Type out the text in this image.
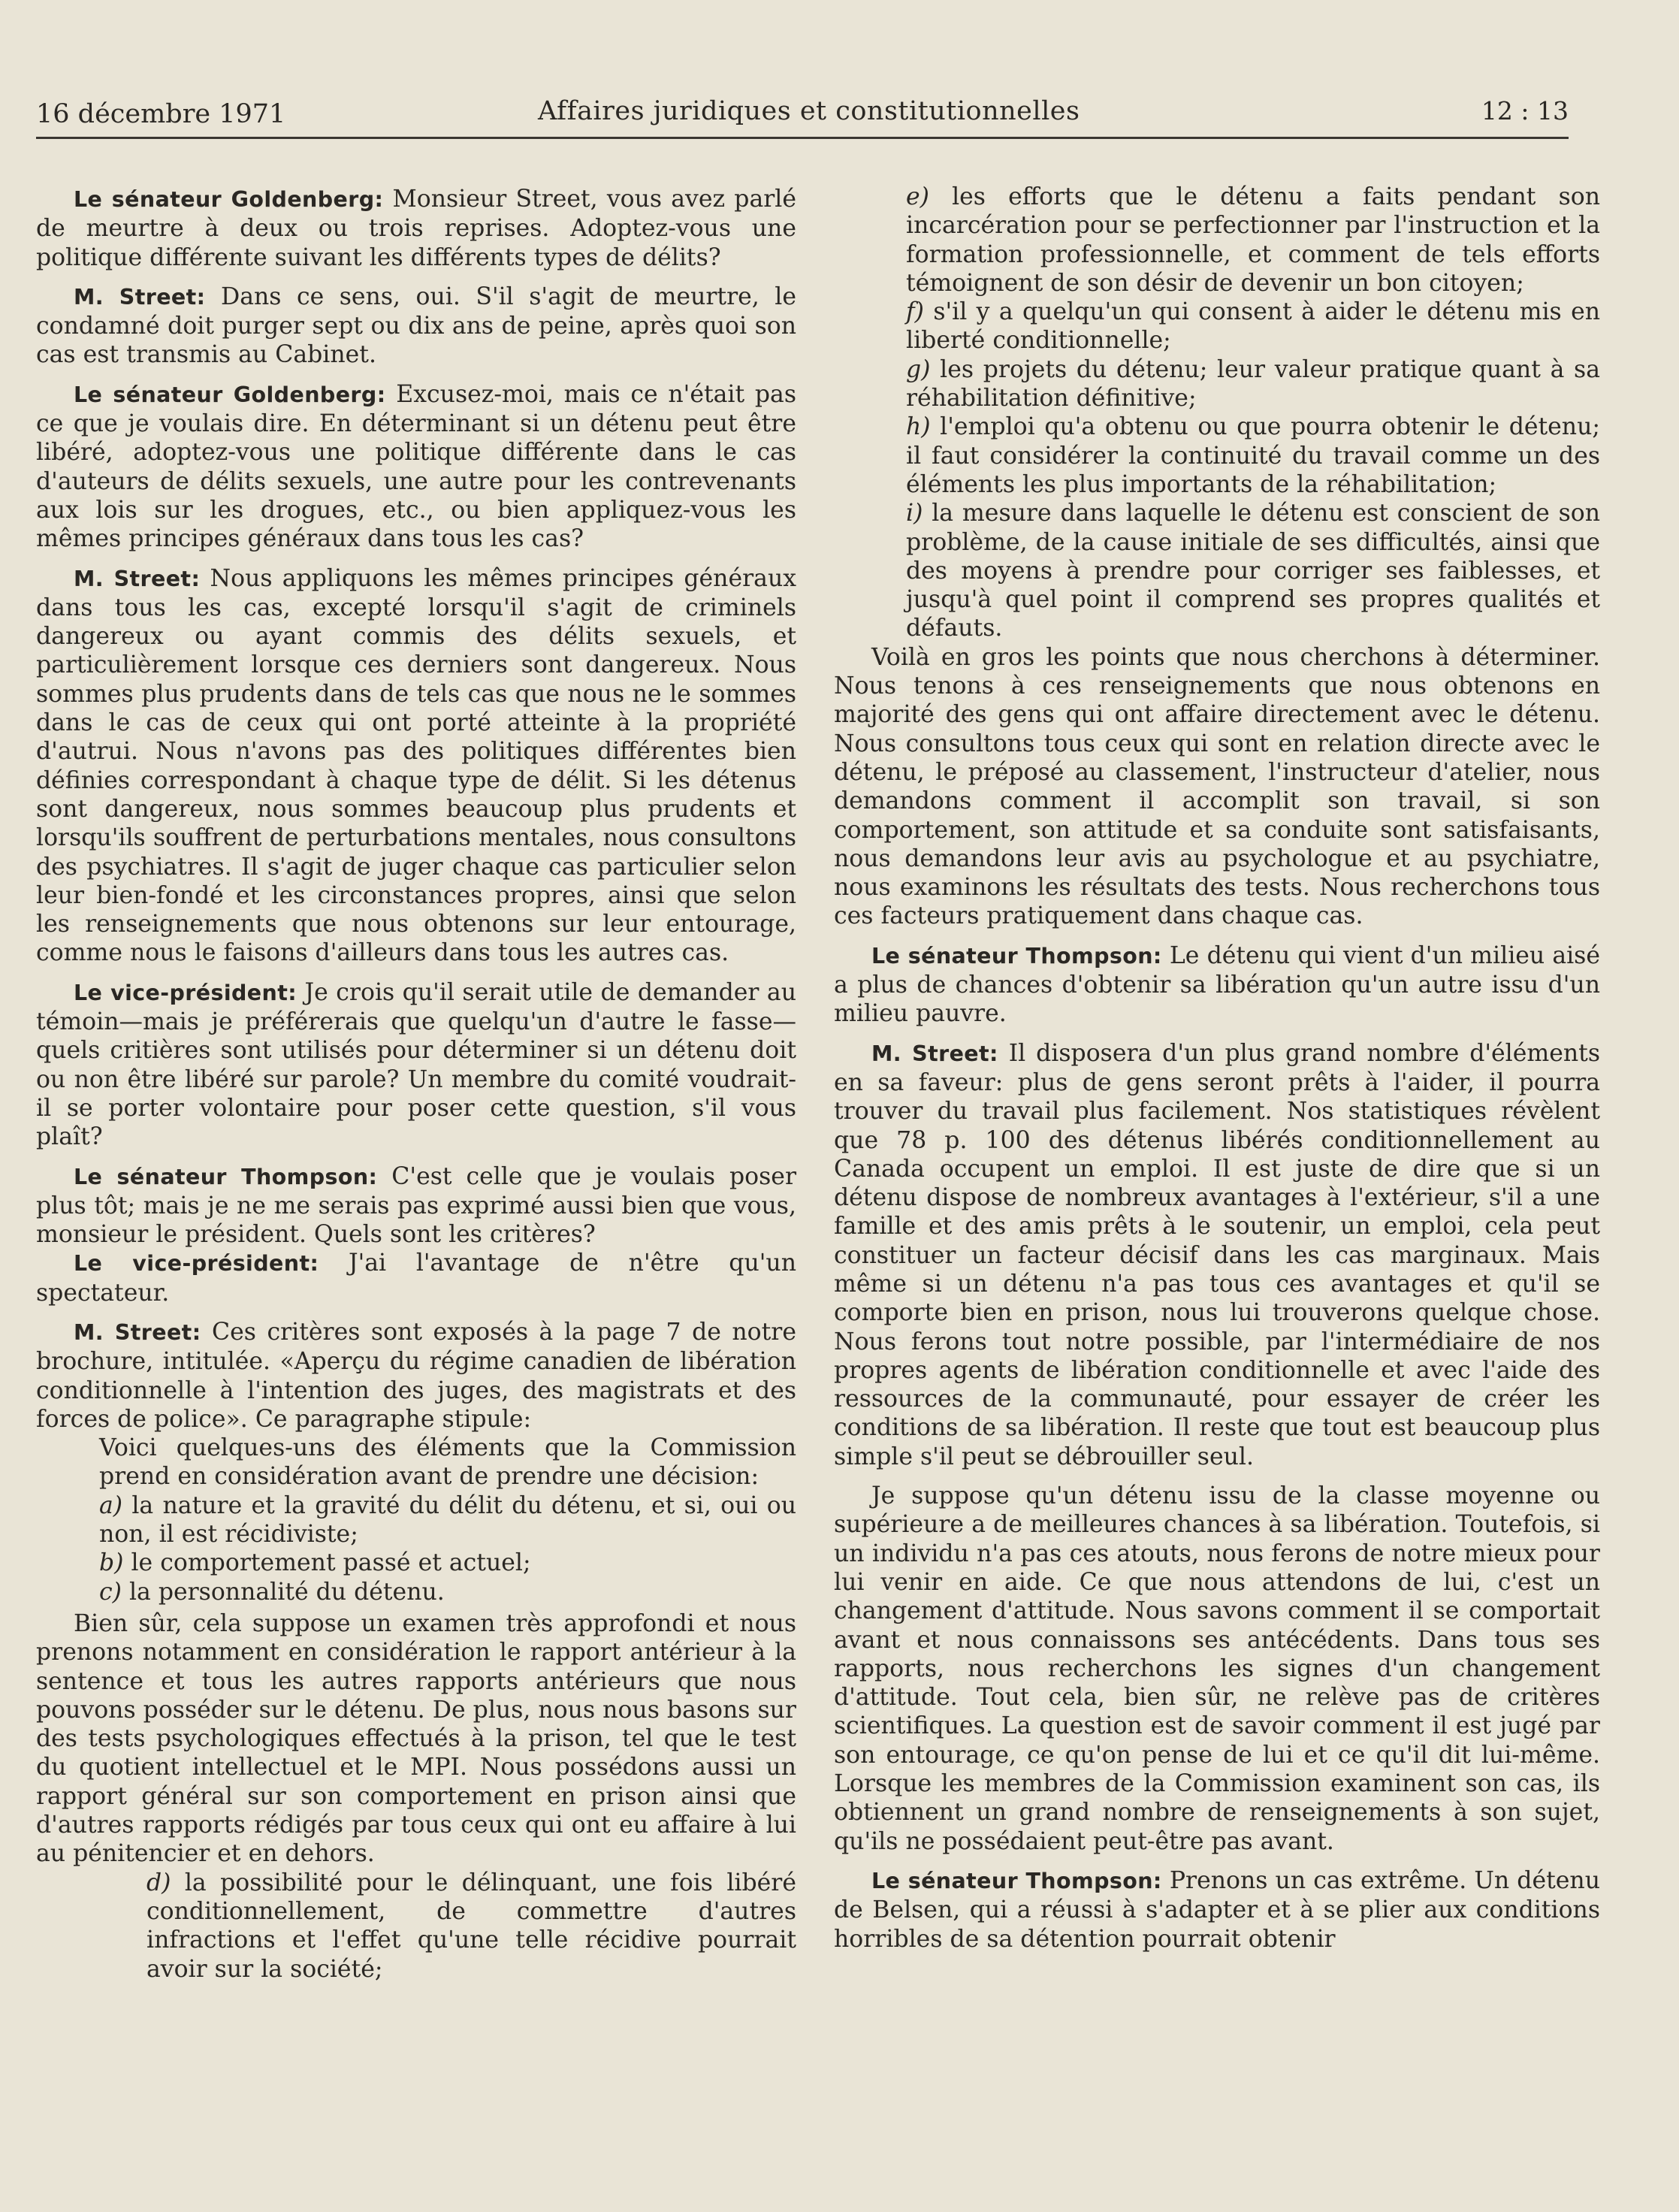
16 décembre 1971	Affaires juridiques et constitutionnelles	12 : 13

Le sénateur Goldenberg: Monsieur Street, vous avez parlé de meurtre à deux ou trois reprises. Adoptez-vous une politique différente suivant les différents types de délits?

M. Street: Dans ce sens, oui. S'il s'agit de meurtre, le condamné doit purger sept ou dix ans de peine, après quoi son cas est transmis au Cabinet.

Le sénateur Goldenberg: Excusez-moi, mais ce n'était pas ce que je voulais dire. En déterminant si un détenu peut être libéré, adoptez-vous une politique différente dans le cas d'auteurs de délits sexuels, une autre pour les contrevenants aux lois sur les drogues, etc., ou bien appliquez-vous les mêmes principes généraux dans tous les cas?

M. Street: Nous appliquons les mêmes principes généraux dans tous les cas, excepté lorsqu'il s'agit de criminels dangereux ou ayant commis des délits sexuels, et particulièrement lorsque ces derniers sont dangereux. Nous sommes plus prudents dans de tels cas que nous ne le sommes dans le cas de ceux qui ont porté atteinte à la propriété d'autrui. Nous n'avons pas des politiques différentes bien définies correspondant à chaque type de délit. Si les détenus sont dangereux, nous sommes beaucoup plus prudents et lorsqu'ils souffrent de perturbations mentales, nous consultons des psychiatres. Il s'agit de juger chaque cas particulier selon leur bien-fondé et les circonstances propres, ainsi que selon les renseignements que nous obtenons sur leur entourage, comme nous le faisons d'ailleurs dans tous les autres cas.

Le vice-président: Je crois qu'il serait utile de demander au témoin—mais je préférerais que quelqu'un d'autre le fasse—quels critières sont utilisés pour déterminer si un détenu doit ou non être libéré sur parole? Un membre du comité voudrait-il se porter volontaire pour poser cette question, s'il vous plaît?

Le sénateur Thompson: C'est celle que je voulais poser plus tôt; mais je ne me serais pas exprimé aussi bien que vous, monsieur le président. Quels sont les critères?

Le vice-président: J'ai l'avantage de n'être qu'un spectateur.

M. Street: Ces critères sont exposés à la page 7 de notre brochure, intitulée. «Aperçu du régime canadien de libération conditionnelle à l'intention des juges, des magistrats et des forces de police». Ce paragraphe stipule:

Voici quelques-uns des éléments que la Commission prend en considération avant de prendre une décision:

a) la nature et la gravité du délit du détenu, et si, oui ou non, il est récidiviste;

b) le comportement passé et actuel;

c) la personnalité du détenu.

Bien sûr, cela suppose un examen très approfondi et nous prenons notamment en considération le rapport antérieur à la sentence et tous les autres rapports antérieurs que nous pouvons posséder sur le détenu. De plus, nous nous basons sur des tests psychologiques effectués à la prison, tel que le test du quotient intellectuel et le MPI. Nous possédons aussi un rapport général sur son comportement en prison ainsi que d'autres rapports rédigés par tous ceux qui ont eu affaire à lui au pénitencier et en dehors.

d) la possibilité pour le délinquant, une fois libéré conditionnellement, de commettre d'autres infractions et l'effet qu'une telle récidive pourrait avoir sur la société;

e) les efforts que le détenu a faits pendant son incarcération pour se perfectionner par l'instruction et la formation professionnelle, et comment de tels efforts témoignent de son désir de devenir un bon citoyen;

f) s'il y a quelqu'un qui consent à aider le détenu mis en liberté conditionnelle;

g) les projets du détenu; leur valeur pratique quant à sa réhabilitation définitive;

h) l'emploi qu'a obtenu ou que pourra obtenir le détenu; il faut considérer la continuité du travail comme un des éléments les plus importants de la réhabilitation;

i) la mesure dans laquelle le détenu est conscient de son problème, de la cause initiale de ses difficultés, ainsi que des moyens à prendre pour corriger ses faiblesses, et jusqu'à quel point il comprend ses propres qualités et défauts.

Voilà en gros les points que nous cherchons à déterminer. Nous tenons à ces renseignements que nous obtenons en majorité des gens qui ont affaire directement avec le détenu. Nous consultons tous ceux qui sont en relation directe avec le détenu, le préposé au classement, l'instructeur d'atelier, nous demandons comment il accomplit son travail, si son comportement, son attitude et sa conduite sont satisfaisants, nous demandons leur avis au psychologue et au psychiatre, nous examinons les résultats des tests. Nous recherchons tous ces facteurs pratiquement dans chaque cas.

Le sénateur Thompson: Le détenu qui vient d'un milieu aisé a plus de chances d'obtenir sa libération qu'un autre issu d'un milieu pauvre.

M. Street: Il disposera d'un plus grand nombre d'éléments en sa faveur: plus de gens seront prêts à l'aider, il pourra trouver du travail plus facilement. Nos statistiques révèlent que 78 p. 100 des détenus libérés conditionnellement au Canada occupent un emploi. Il est juste de dire que si un détenu dispose de nombreux avantages à l'extérieur, s'il a une famille et des amis prêts à le soutenir, un emploi, cela peut constituer un facteur décisif dans les cas marginaux. Mais même si un détenu n'a pas tous ces avantages et qu'il se comporte bien en prison, nous lui trouverons quelque chose. Nous ferons tout notre possible, par l'intermédiaire de nos propres agents de libération conditionnelle et avec l'aide des ressources de la communauté, pour essayer de créer les conditions de sa libération. Il reste que tout est beaucoup plus simple s'il peut se débrouiller seul.

Je suppose qu'un détenu issu de la classe moyenne ou supérieure a de meilleures chances à sa libération. Toutefois, si un individu n'a pas ces atouts, nous ferons de notre mieux pour lui venir en aide. Ce que nous attendons de lui, c'est un changement d'attitude. Nous savons comment il se comportait avant et nous connaissons ses antécédents. Dans tous ses rapports, nous recherchons les signes d'un changement d'attitude. Tout cela, bien sûr, ne relève pas de critères scientifiques. La question est de savoir comment il est jugé par son entourage, ce qu'on pense de lui et ce qu'il dit lui-même. Lorsque les membres de la Commission examinent son cas, ils obtiennent un grand nombre de renseignements à son sujet, qu'ils ne possédaient peut-être pas avant.

Le sénateur Thompson: Prenons un cas extrême. Un détenu de Belsen, qui a réussi à s'adapter et à se plier aux conditions horribles de sa détention pourrait obtenir
